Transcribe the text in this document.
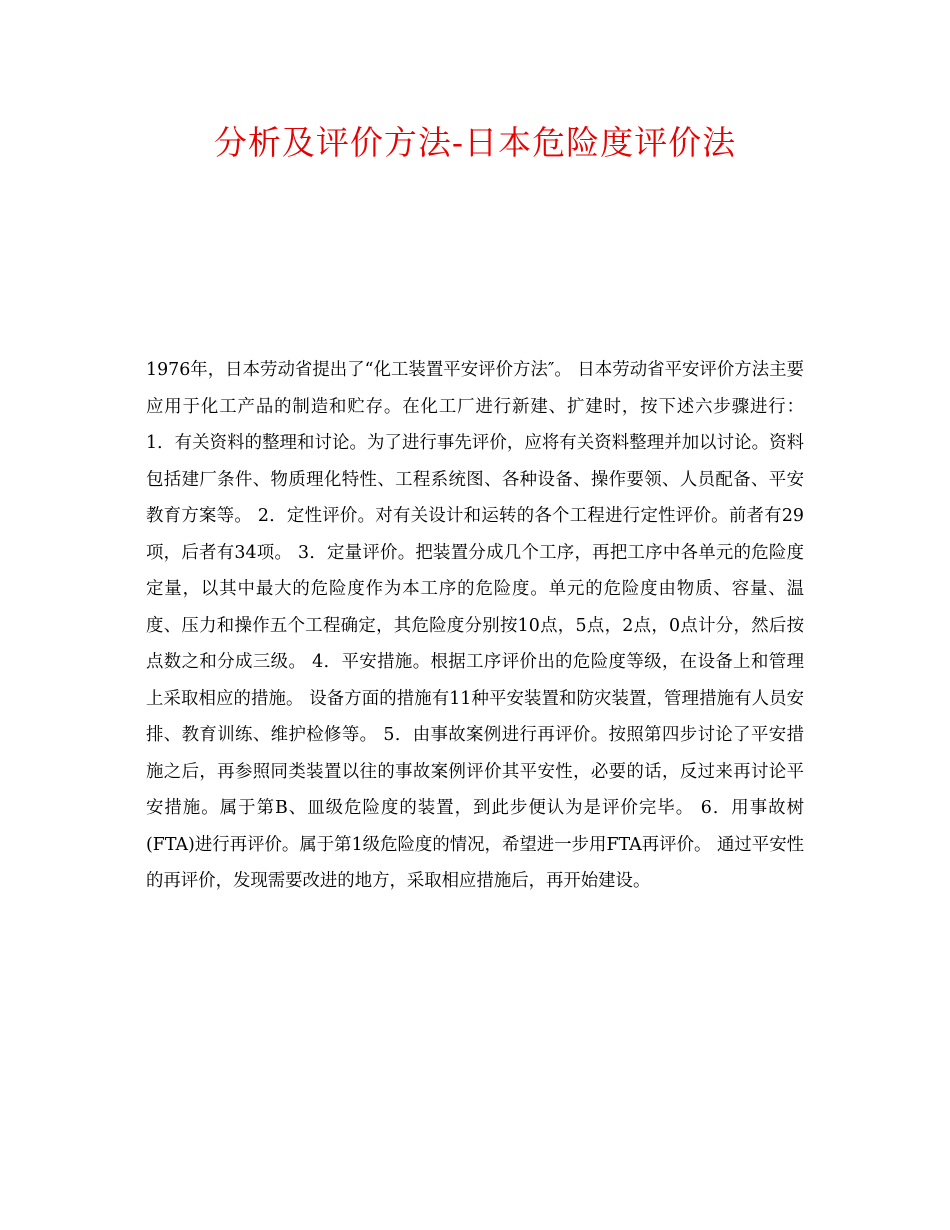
分析及评价方法-日本危险度评价法

1976年，日本劳动省提出了“化工装置平安评价方法″。 日本劳动省平安评价方法主要应用于化工产品的制造和贮存。在化工厂进行新建、扩建时，按下述六步骤进行： 1．有关资料的整理和讨论。为了进行事先评价，应将有关资料整理并加以讨论。资料包括建厂条件、物质理化特性、工程系统图、各种设备、操作要领、人员配备、平安教育方案等。 2．定性评价。对有关设计和运转的各个工程进行定性评价。前者有29项，后者有34项。 3．定量评价。把装置分成几个工序，再把工序中各单元的危险度定量，以其中最大的危险度作为本工序的危险度。单元的危险度由物质、容量、温度、压力和操作五个工程确定，其危险度分别按10点，5点，2点，0点计分，然后按点数之和分成三级。 4．平安措施。根据工序评价出的危险度等级，在设备上和管理上采取相应的措施。 设备方面的措施有11种平安装置和防灾装置，管理措施有人员安排、教育训练、维护检修等。 5．由事故案例进行再评价。按照第四步讨论了平安措施之后，再参照同类装置以往的事故案例评价其平安性，必要的话，反过来再讨论平安措施。属于第B、皿级危险度的装置，到此步便认为是评价完毕。 6．用事故树(FTA)进行再评价。属于第1级危险度的情况，希望进一步用FTA再评价。 通过平安性的再评价，发现需要改进的地方，采取相应措施后，再开始建设。
